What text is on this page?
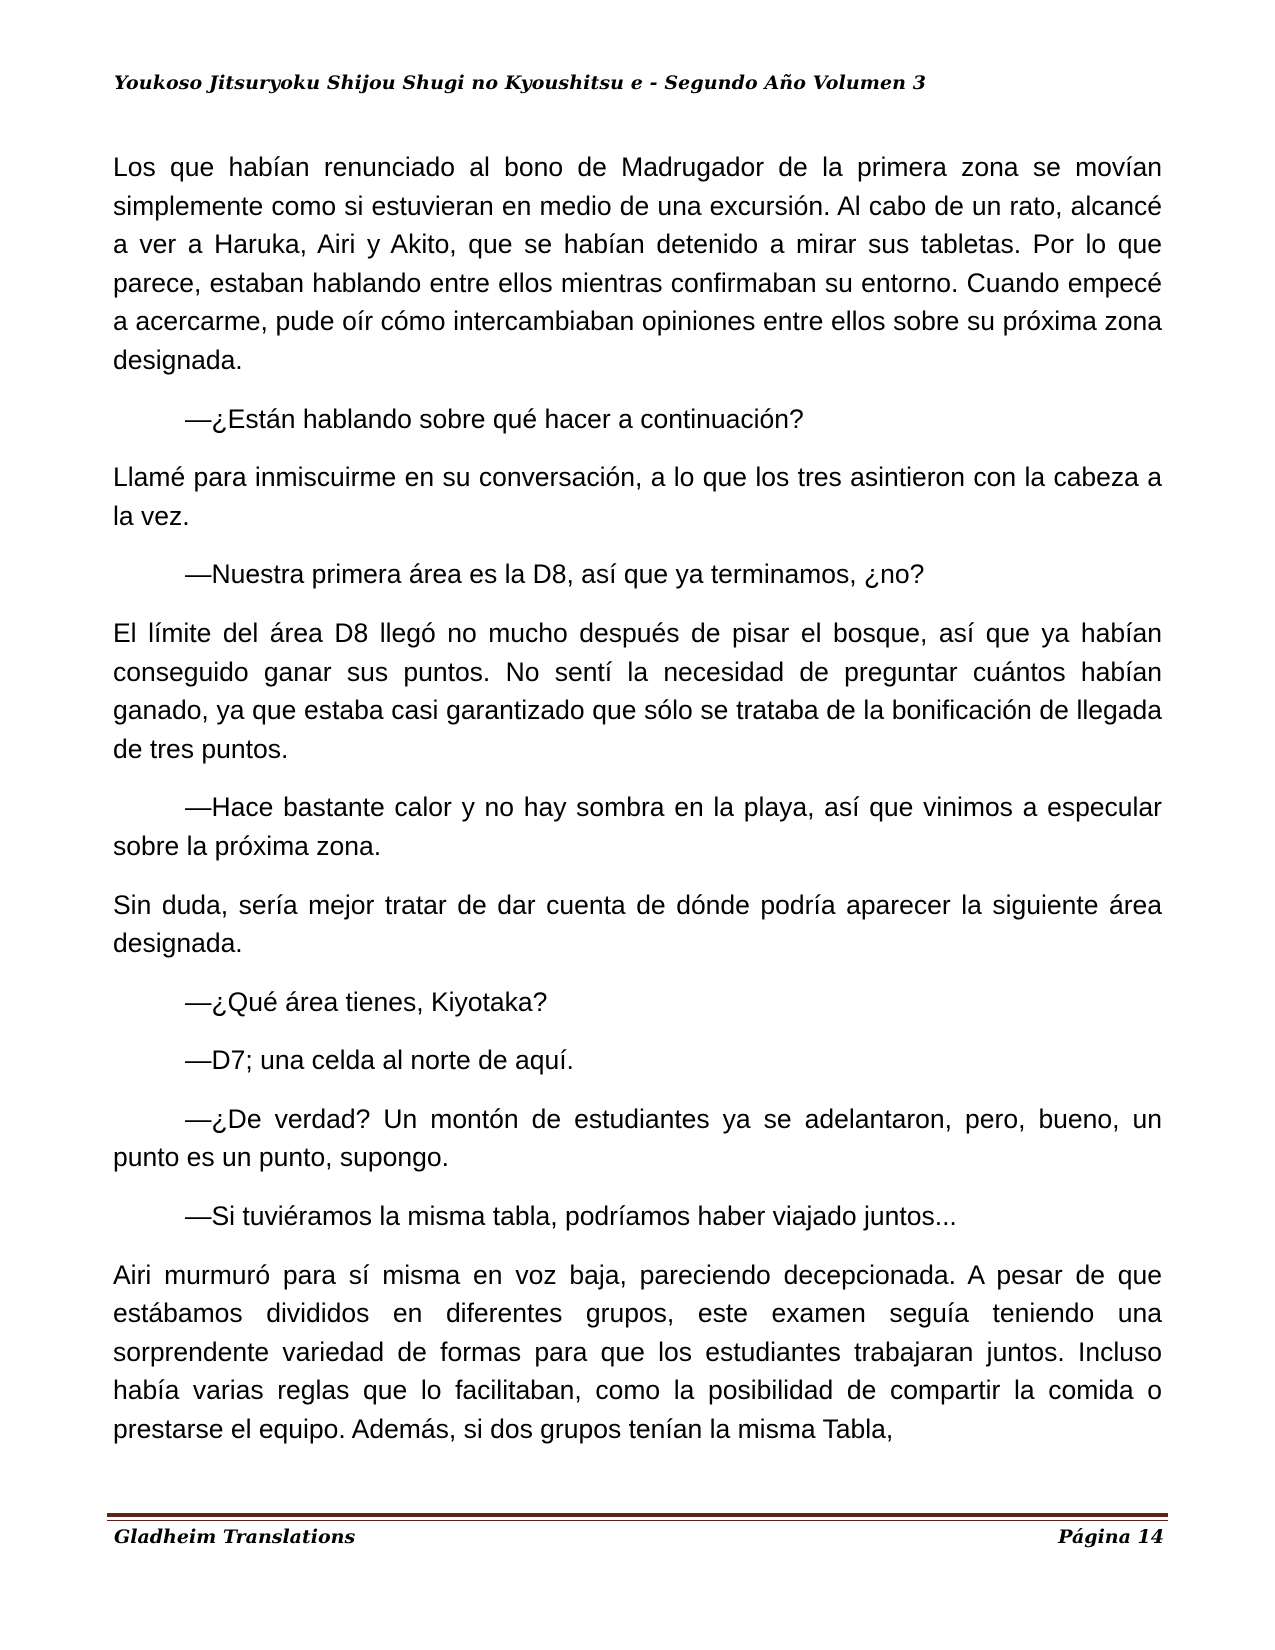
Youkoso Jitsuryoku Shijou Shugi no Kyoushitsu e - Segundo Año Volumen 3

Los que habían renunciado al bono de Madrugador de la primera zona se movían simplemente como si estuvieran en medio de una excursión. Al cabo de un rato, alcancé a ver a Haruka, Airi y Akito, que se habían detenido a mirar sus tabletas. Por lo que parece, estaban hablando entre ellos mientras confirmaban su entorno. Cuando empecé a acercarme, pude oír cómo intercambiaban opiniones entre ellos sobre su próxima zona designada.

—¿Están hablando sobre qué hacer a continuación?

Llamé para inmiscuirme en su conversación, a lo que los tres asintieron con la cabeza a la vez.

—Nuestra primera área es la D8, así que ya terminamos, ¿no?

El límite del área D8 llegó no mucho después de pisar el bosque, así que ya habían conseguido ganar sus puntos. No sentí la necesidad de preguntar cuántos habían ganado, ya que estaba casi garantizado que sólo se trataba de la bonificación de llegada de tres puntos.

—Hace bastante calor y no hay sombra en la playa, así que vinimos a especular sobre la próxima zona.

Sin duda, sería mejor tratar de dar cuenta de dónde podría aparecer la siguiente área designada.

—¿Qué área tienes, Kiyotaka?

—D7; una celda al norte de aquí.

—¿De verdad? Un montón de estudiantes ya se adelantaron, pero, bueno, un punto es un punto, supongo.

—Si tuviéramos la misma tabla, podríamos haber viajado juntos...

Airi murmuró para sí misma en voz baja, pareciendo decepcionada. A pesar de que estábamos divididos en diferentes grupos, este examen seguía teniendo una sorprendente variedad de formas para que los estudiantes trabajaran juntos. Incluso había varias reglas que lo facilitaban, como la posibilidad de compartir la comida o prestarse el equipo. Además, si dos grupos tenían la misma Tabla,

Gladheim Translations	Página 14
